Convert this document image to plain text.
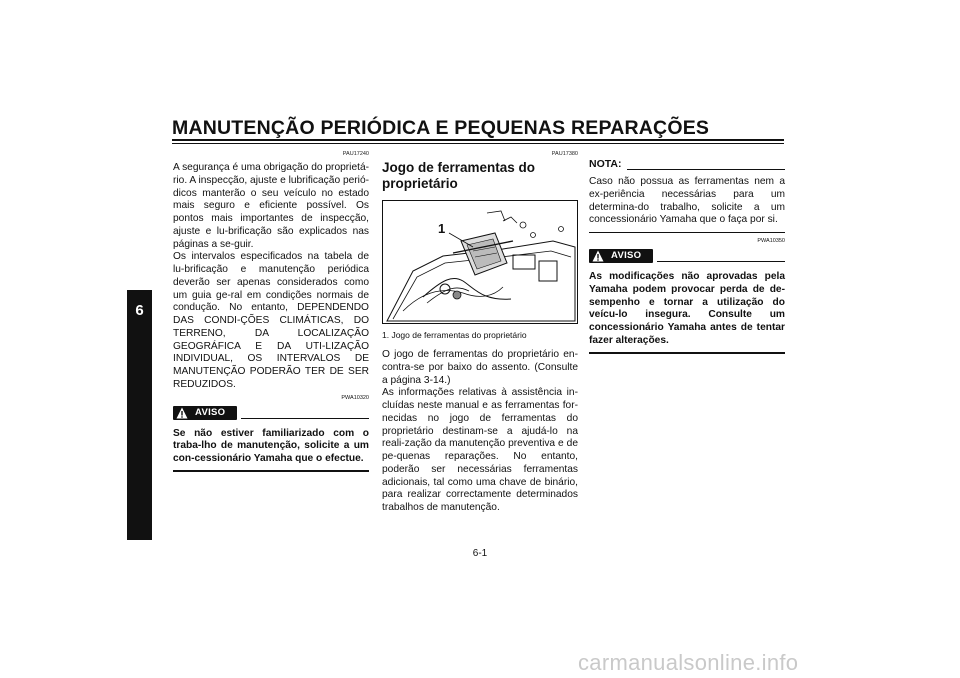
MANUTENÇÃO PERIÓDICA E PEQUENAS REPARAÇÕES
6
PAU17240

A segurança é uma obrigação do proprietá-rio. A inspecção, ajuste e lubrificação perió-dicos manterão o seu veículo no estado mais seguro e eficiente possível. Os pontos mais importantes de inspecção, ajuste e lu-brificação são explicados nas páginas a se-guir.

Os intervalos especificados na tabela de lu-brificação e manutenção periódica deverão ser apenas considerados como um guia ge-ral em condições normais de condução. No entanto, DEPENDENDO DAS CONDI-ÇÕES CLIMÁTICAS, DO TERRENO, DA LOCALIZAÇÃO GEOGRÁFICA E DA UTI-LIZAÇÃO INDIVIDUAL, OS INTERVALOS DE MANUTENÇÃO PODERÃO TER DE SER REDUZIDOS.

PWA10320
AVISO

Se não estiver familiarizado com o traba-lho de manutenção, solicite a um con-cessionário Yamaha que o efectue.

PAU17380
Jogo de ferramentas do proprietário
1
1. Jogo de ferramentas do proprietário

O jogo de ferramentas do proprietário en-contra-se por baixo do assento. (Consulte a página 3-14.)

As informações relativas à assistência in-cluídas neste manual e as ferramentas for-necidas no jogo de ferramentas do proprietário destinam-se a ajudá-lo na reali-zação da manutenção preventiva e de pe-quenas reparações. No entanto, poderão ser necessárias ferramentas adicionais, tal como uma chave de binário, para realizar correctamente determinados trabalhos de manutenção.

NOTA:

Caso não possua as ferramentas nem a ex-periência necessárias para um determina-do trabalho, solicite a um concessionário Yamaha que o faça por si.

PWA10350
AVISO

As modificações não aprovadas pela Yamaha podem provocar perda de de-sempenho e tornar a utilização do veícu-lo insegura. Consulte um concessionário Yamaha antes de tentar fazer alterações.

6-1
carmanualsonline.info
